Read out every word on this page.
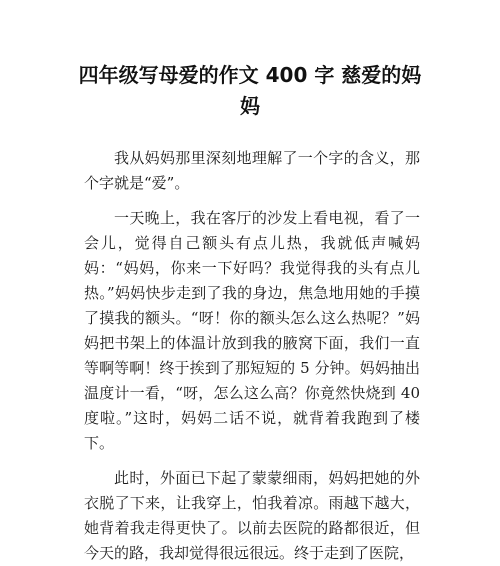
四年级写母爱的作文 400 字 慈爱的妈妈

我从妈妈那里深刻地理解了一个字的含义，那个字就是“爱”。

一天晚上，我在客厅的沙发上看电视，看了一会儿，觉得自己额头有点儿热，我就低声喊妈妈：“妈妈，你来一下好吗？我觉得我的头有点儿热。”妈妈快步走到了我的身边，焦急地用她的手摸了摸我的额头。“呀！你的额头怎么这么热呢？”妈妈把书架上的体温计放到我的腋窝下面，我们一直等啊等啊！终于挨到了那短短的 5 分钟。妈妈抽出温度计一看，“呀，怎么这么高？你竟然快烧到 40 度啦。”这时，妈妈二话不说，就背着我跑到了楼下。

此时，外面已下起了蒙蒙细雨，妈妈把她的外衣脱了下来，让我穿上，怕我着凉。雨越下越大，她背着我走得更快了。以前去医院的路都很近，但今天的路，我却觉得很远很远。终于走到了医院，
